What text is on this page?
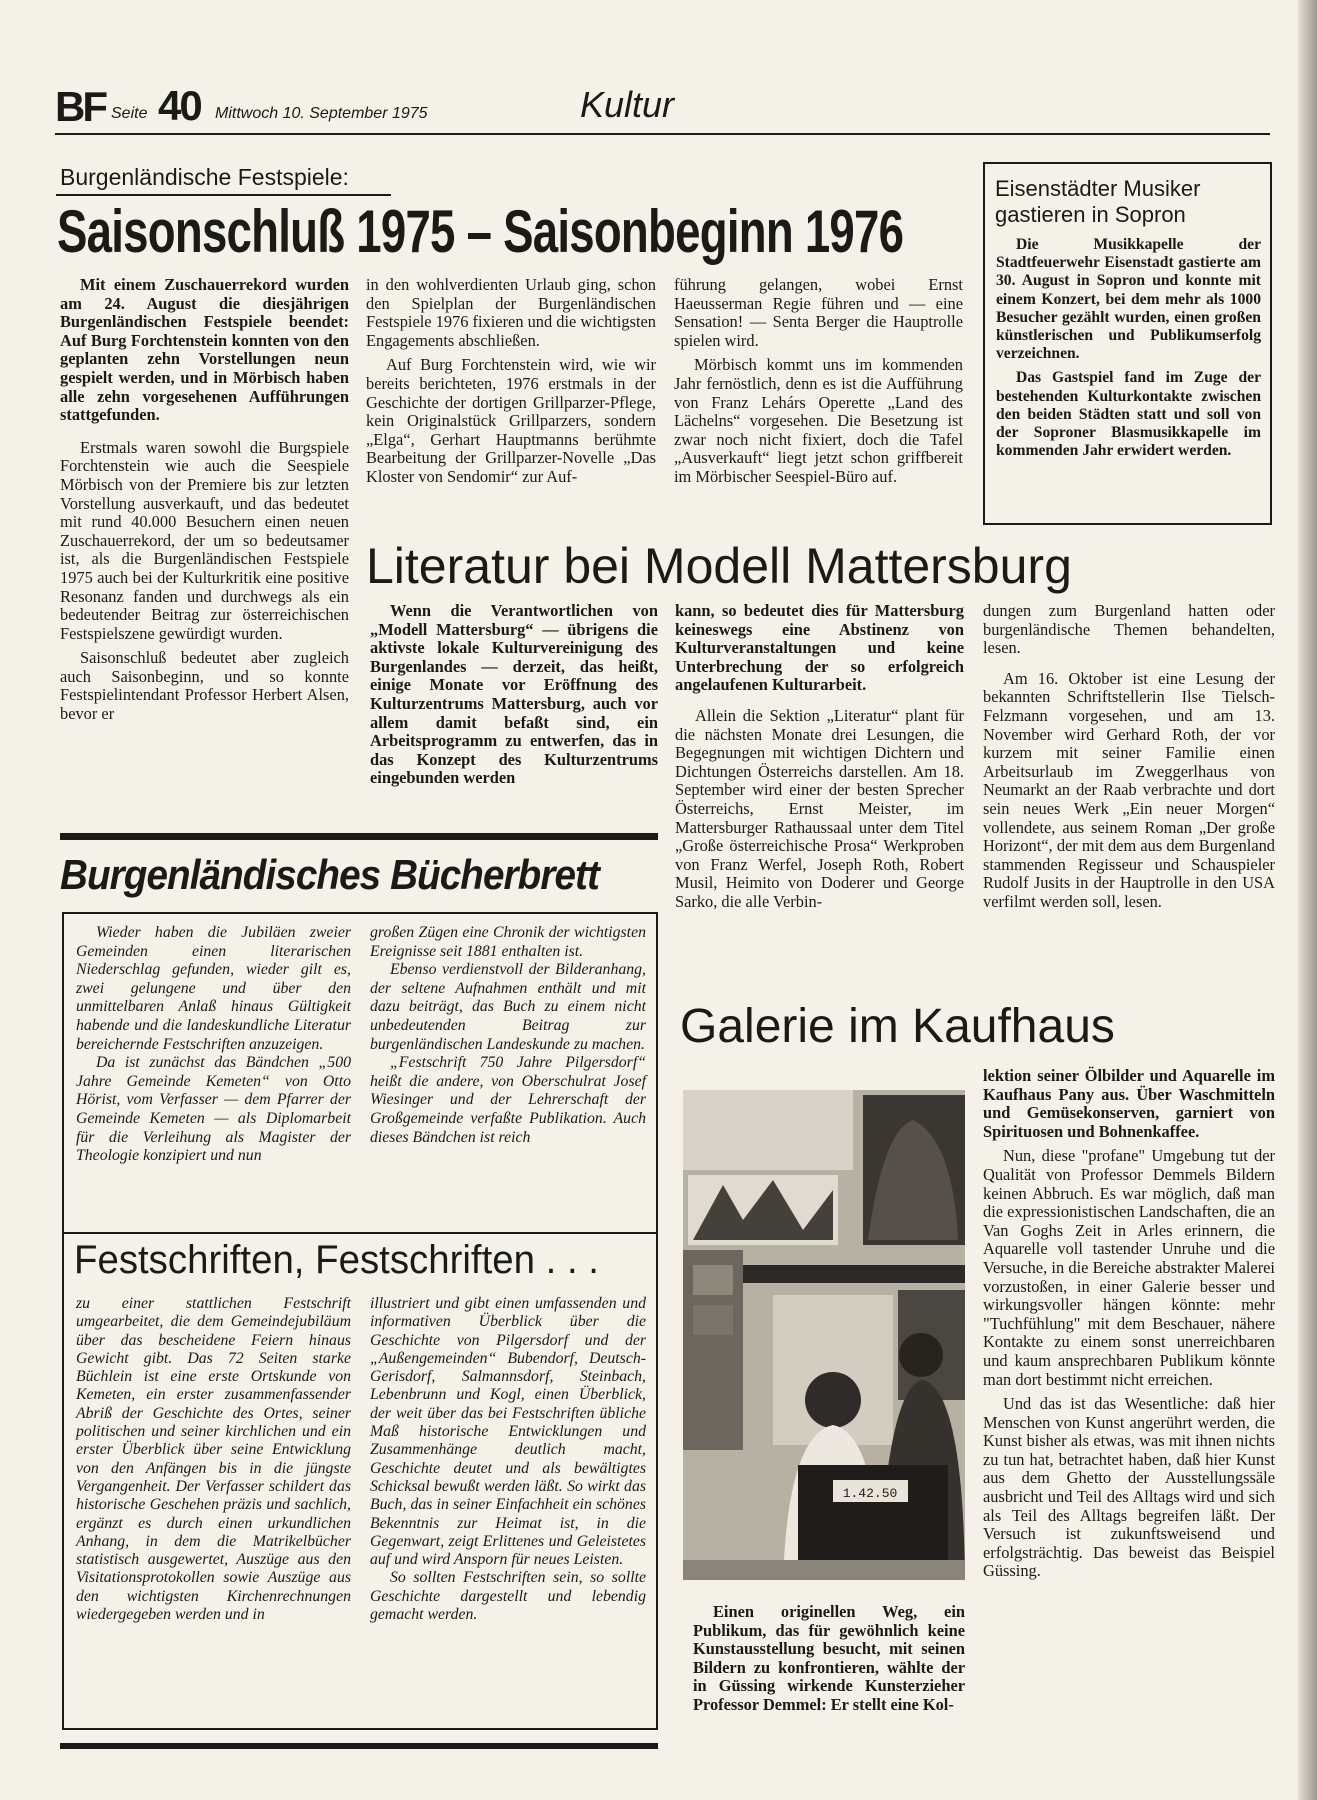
BF Seite 40 Mittwoch 10. September 1975	Kultur
Burgenländische Festspiele:
Saisonschluß 1975 – Saisonbeginn 1976

Mit einem Zuschauerrekord wurden am 24. August die diesjährigen Burgenländischen Festspiele beendet: Auf Burg Forchtenstein konnten von den geplanten zehn Vorstellungen neun gespielt werden, und in Mörbisch haben alle zehn vorgesehenen Aufführungen stattgefunden.

Erstmals waren sowohl die Burgspiele Forchtenstein wie auch die Seespiele Mörbisch von der Premiere bis zur letzten Vorstellung ausverkauft, und das bedeutet mit rund 40.000 Besuchern einen neuen Zuschauerrekord, der um so bedeutsamer ist, als die Burgenländischen Festspiele 1975 auch bei der Kulturkritik eine positive Resonanz fanden und durchwegs als ein bedeutender Beitrag zur österreichischen Festspielszene gewürdigt wurden.

Saisonschluß bedeutet aber zugleich auch Saisonbeginn, und so konnte Festspielintendant Professor Herbert Alsen, bevor er

in den wohlverdienten Urlaub ging, schon den Spielplan der Burgenländischen Festspiele 1976 fixieren und die wichtigsten Engagements abschließen.

Auf Burg Forchtenstein wird, wie wir bereits berichteten, 1976 erstmals in der Geschichte der dortigen Grillparzer-Pflege, kein Originalstück Grillparzers, sondern „Elga“, Gerhart Hauptmanns berühmte Bearbeitung der Grillparzer-Novelle „Das Kloster von Sendomir“ zur Auf-

führung gelangen, wobei Ernst Haeusserman Regie führen und — eine Sensation! — Senta Berger die Hauptrolle spielen wird.

Mörbisch kommt uns im kommenden Jahr fernöstlich, denn es ist die Aufführung von Franz Lehárs Operette „Land des Lächelns“ vorgesehen. Die Besetzung ist zwar noch nicht fixiert, doch die Tafel „Ausverkauft“ liegt jetzt schon griffbereit im Mörbischer Seespiel-Büro auf.

Eisenstädter Musiker gastieren in Sopron

Die Musikkapelle der Stadtfeuerwehr Eisenstadt gastierte am 30. August in Sopron und konnte mit einem Konzert, bei dem mehr als 1000 Besucher gezählt wurden, einen großen künstlerischen und Publikumserfolg verzeichnen.

Das Gastspiel fand im Zuge der bestehenden Kulturkontakte zwischen den beiden Städten statt und soll von der Soproner Blasmusikkapelle im kommenden Jahr erwidert werden.

Literatur bei Modell Mattersburg

Wenn die Verantwortlichen von „Modell Mattersburg“ — übrigens die aktivste lokale Kulturvereinigung des Burgenlandes — derzeit, das heißt, einige Monate vor Eröffnung des Kulturzentrums Mattersburg, auch vor allem damit befaßt sind, ein Arbeitsprogramm zu entwerfen, das in das Konzept des Kulturzentrums eingebunden werden

kann, so bedeutet dies für Mattersburg keineswegs eine Abstinenz von Kulturveranstaltungen und keine Unterbrechung der so erfolgreich angelaufenen Kulturarbeit.

Allein die Sektion „Literatur“ plant für die nächsten Monate drei Lesungen, die Begegnungen mit wichtigen Dichtern und Dichtungen Österreichs darstellen. Am 18. September wird einer der besten Sprecher Österreichs, Ernst Meister, im Mattersburger Rathaussaal unter dem Titel „Große österreichische Prosa“ Werkproben von Franz Werfel, Joseph Roth, Robert Musil, Heimito von Doderer und George Sarko, die alle Verbin-

dungen zum Burgenland hatten oder burgenländische Themen behandelten, lesen.

Am 16. Oktober ist eine Lesung der bekannten Schriftstellerin Ilse Tielsch-Felzmann vorgesehen, und am 13. November wird Gerhard Roth, der vor kurzem mit seiner Familie einen Arbeitsurlaub im Zweggerlhaus von Neumarkt an der Raab verbrachte und dort sein neues Werk „Ein neuer Morgen“ vollendete, aus seinem Roman „Der große Horizont“, der mit dem aus dem Burgenland stammenden Regisseur und Schauspieler Rudolf Jusits in der Hauptrolle in den USA verfilmt werden soll, lesen.

Burgenländisches Bücherbrett

Wieder haben die Jubiläen zweier Gemeinden einen literarischen Niederschlag gefunden, wieder gilt es, zwei gelungene und über den unmittelbaren Anlaß hinaus Gültigkeit habende und die landeskundliche Literatur bereichernde Festschriften anzuzeigen.

Da ist zunächst das Bändchen „500 Jahre Gemeinde Kemeten“ von Otto Hörist, vom Verfasser — dem Pfarrer der Gemeinde Kemeten — als Diplomarbeit für die Verleihung als Magister der Theologie konzipiert und nun

großen Zügen eine Chronik der wichtigsten Ereignisse seit 1881 enthalten ist.

Ebenso verdienstvoll der Bilderanhang, der seltene Aufnahmen enthält und mit dazu beiträgt, das Buch zu einem nicht unbedeutenden Beitrag zur burgenländischen Landeskunde zu machen.

„Festschrift 750 Jahre Pilgersdorf“ heißt die andere, von Oberschulrat Josef Wiesinger und der Lehrerschaft der Großgemeinde verfaßte Publikation. Auch dieses Bändchen ist reich

Festschriften, Festschriften . . .

zu einer stattlichen Festschrift umgearbeitet, die dem Gemeindejubiläum über das bescheidene Feiern hinaus Gewicht gibt. Das 72 Seiten starke Büchlein ist eine erste Ortskunde von Kemeten, ein erster zusammenfassender Abriß der Geschichte des Ortes, seiner politischen und seiner kirchlichen und ein erster Überblick über seine Entwicklung von den Anfängen bis in die jüngste Vergangenheit. Der Verfasser schildert das historische Geschehen präzis und sachlich, ergänzt es durch einen urkundlichen Anhang, in dem die Matrikelbücher statistisch ausgewertet, Auszüge aus den Visitationsprotokollen sowie Auszüge aus den wichtigsten Kirchenrechnungen wiedergegeben werden und in

illustriert und gibt einen umfassenden und informativen Überblick über die Geschichte von Pilgersdorf und der „Außengemeinden“ Bubendorf, Deutsch-Gerisdorf, Salmannsdorf, Steinbach, Lebenbrunn und Kogl, einen Überblick, der weit über das bei Festschriften übliche Maß historische Entwicklungen und Zusammenhänge deutlich macht, Geschichte deutet und als bewältigtes Schicksal bewußt werden läßt. So wirkt das Buch, das in seiner Einfachheit ein schönes Bekenntnis zur Heimat ist, in die Gegenwart, zeigt Erlittenes und Geleistetes auf und wird Ansporn für neues Leisten.

So sollten Festschriften sein, so sollte Geschichte dargestellt und lebendig gemacht werden.

Galerie im Kaufhaus
1.42.50

Einen originellen Weg, ein Publikum, das für gewöhnlich keine Kunstausstellung besucht, mit seinen Bildern zu konfrontieren, wählte der in Güssing wirkende Kunsterzieher Professor Demmel: Er stellt eine Kol-

lektion seiner Ölbilder und Aquarelle im Kaufhaus Pany aus. Über Waschmitteln und Gemüsekonserven, garniert von Spirituosen und Bohnenkaffee.

Nun, diese "profane" Umgebung tut der Qualität von Professor Demmels Bildern keinen Abbruch. Es war möglich, daß man die expressionistischen Landschaften, die an Van Goghs Zeit in Arles erinnern, die Aquarelle voll tastender Unruhe und die Versuche, in die Bereiche abstrakter Malerei vorzustoßen, in einer Galerie besser und wirkungsvoller hängen könnte: mehr "Tuchfühlung" mit dem Beschauer, nähere Kontakte zu einem sonst unerreichbaren und kaum ansprechbaren Publikum könnte man dort bestimmt nicht erreichen.

Und das ist das Wesentliche: daß hier Menschen von Kunst angerührt werden, die Kunst bisher als etwas, was mit ihnen nichts zu tun hat, betrachtet haben, daß hier Kunst aus dem Ghetto der Ausstellungssäle ausbricht und Teil des Alltags wird und sich als Teil des Alltags begreifen läßt. Der Versuch ist zukunftsweisend und erfolgsträchtig. Das beweist das Beispiel Güssing.
